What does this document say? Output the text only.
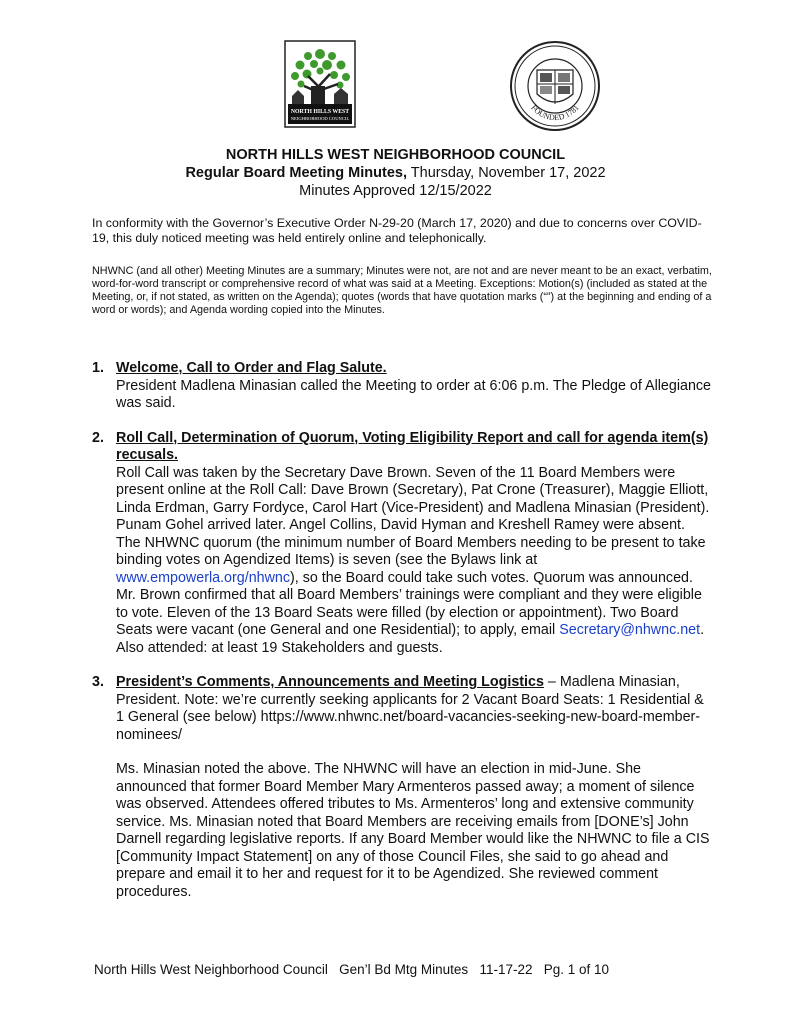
NORTH HILLS WEST
NEIGHBORHOOD COUNCIL
FOUNDED 1781
NORTH HILLS WEST NEIGHBORHOOD COUNCIL
Regular Board Meeting Minutes, Thursday, November 17, 2022
Minutes Approved 12/15/2022
In conformity with the Governor’s Executive Order N-29-20 (March 17, 2020) and due to concerns over COVID-19, this duly noticed meeting was held entirely online and telephonically.
NHWNC (and all other) Meeting Minutes are a summary; Minutes were not, are not and are never meant to be an exact, verbatim, word-for-word transcript or comprehensive record of what was said at a Meeting. Exceptions: Motion(s) (included as stated at the Meeting, or, if not stated, as written on the Agenda); quotes (words that have quotation marks (“”) at the beginning and ending of a word or words); and Agenda wording copied into the Minutes.
1. Welcome, Call to Order and Flag Salute.

President Madlena Minasian called the Meeting to order at 6:06 p.m. The Pledge of Allegiance was said.

2. Roll Call, Determination of Quorum, Voting Eligibility Report and call for agenda item(s) recusals.

Roll Call was taken by the Secretary Dave Brown. Seven of the 11 Board Members were present online at the Roll Call: Dave Brown (Secretary), Pat Crone (Treasurer), Maggie Elliott, Linda Erdman, Garry Fordyce, Carol Hart (Vice-President) and Madlena Minasian (President). Punam Gohel arrived later. Angel Collins, David Hyman and Kreshell Ramey were absent. The NHWNC quorum (the minimum number of Board Members needing to be present to take binding votes on Agendized Items) is seven (see the Bylaws link at www.empowerla.org/nhwnc), so the Board could take such votes. Quorum was announced. Mr. Brown confirmed that all Board Members’ trainings were compliant and they were eligible to vote. Eleven of the 13 Board Seats were filled (by election or appointment). Two Board Seats were vacant (one General and one Residential); to apply, email Secretary@nhwnc.net. Also attended: at least 19 Stakeholders and guests.

3. President’s Comments, Announcements and Meeting Logistics – Madlena Minasian, President. Note: we’re currently seeking applicants for 2 Vacant Board Seats: 1 Residential & 1 General (see below) https://www.nhwnc.net/board-vacancies-seeking-new-board-member-nominees/

Ms. Minasian noted the above. The NHWNC will have an election in mid-June. She announced that former Board Member Mary Armenteros passed away; a moment of silence was observed. Attendees offered tributes to Ms. Armenteros’ long and extensive community service. Ms. Minasian noted that Board Members are receiving emails from [DONE’s] John Darnell regarding legislative reports. If any Board Member would like the NHWNC to file a CIS [Community Impact Statement] on any of those Council Files, she said to go ahead and prepare and email it to her and request for it to be Agendized. She reviewed comment procedures.

North Hills West Neighborhood Council Gen’l Bd Mtg Minutes 11-17-22 Pg. 1 of 10
